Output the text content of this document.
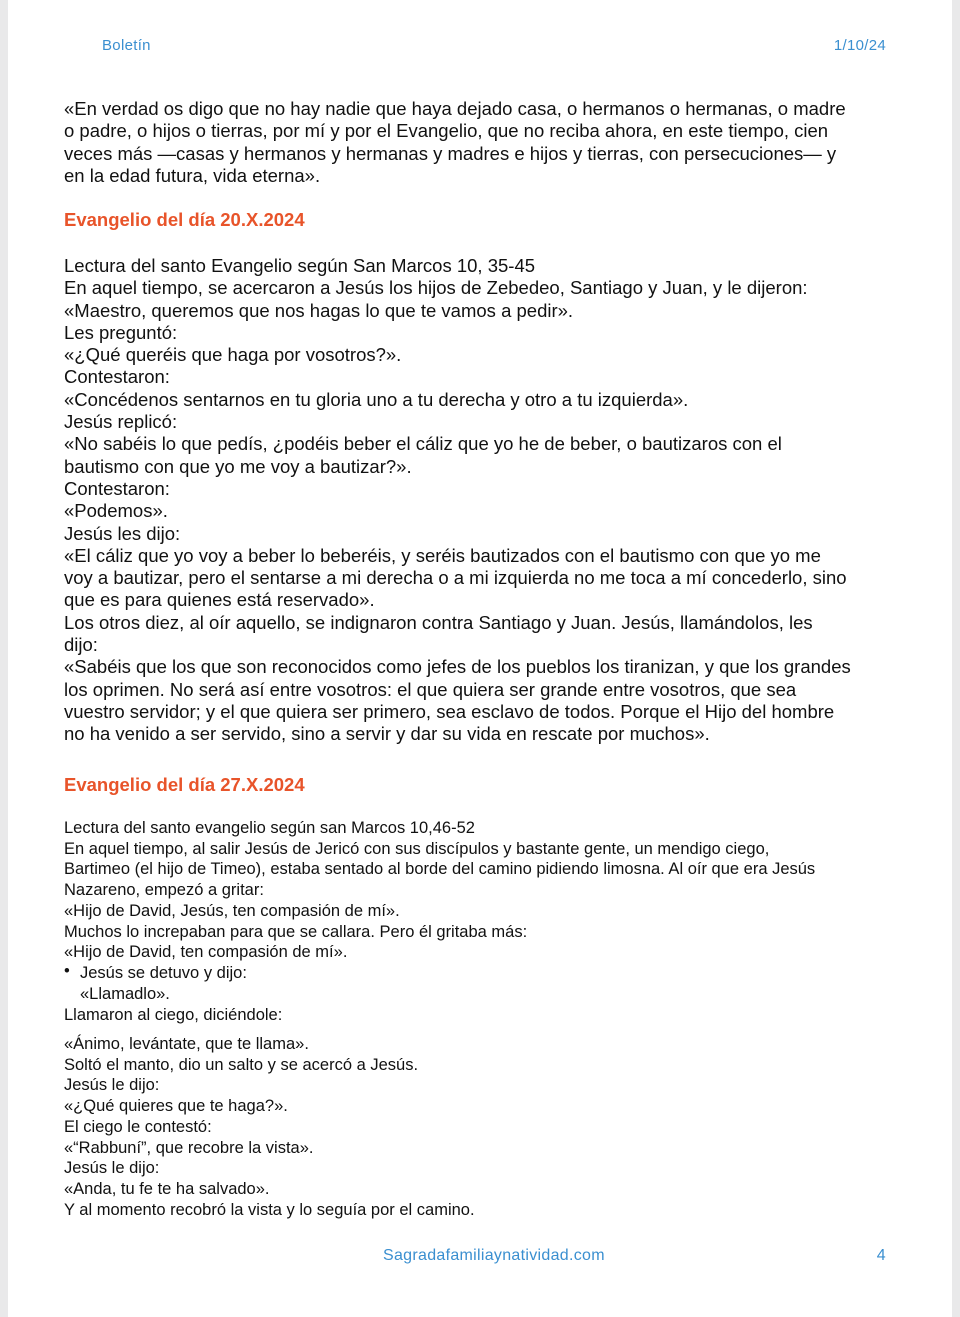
Boletín	1/10/24
«En verdad os digo que no hay nadie que haya dejado casa, o hermanos o hermanas, o madre
o padre, o hijos o tierras, por mí y por el Evangelio, que no reciba ahora, en este tiempo, cien
veces más —casas y hermanos y hermanas y madres e hijos y tierras, con persecuciones— y
en la edad futura, vida eterna».
Evangelio del día 20.X.2024
Lectura del santo Evangelio según San Marcos 10, 35-45
En aquel tiempo, se acercaron a Jesús los hijos de Zebedeo, Santiago y Juan, y le dijeron:
«Maestro, queremos que nos hagas lo que te vamos a pedir».
Les preguntó:
«¿Qué queréis que haga por vosotros?».
Contestaron:
«Concédenos sentarnos en tu gloria uno a tu derecha y otro a tu izquierda».
Jesús replicó:
«No sabéis lo que pedís, ¿podéis beber el cáliz que yo he de beber, o bautizaros con el
bautismo con que yo me voy a bautizar?».
Contestaron:
«Podemos».
Jesús les dijo:
«El cáliz que yo voy a beber lo beberéis, y seréis bautizados con el bautismo con que yo me
voy a bautizar, pero el sentarse a mi derecha o a mi izquierda no me toca a mí concederlo, sino
que es para quienes está reservado».
Los otros diez, al oír aquello, se indignaron contra Santiago y Juan. Jesús, llamándolos, les
dijo:
«Sabéis que los que son reconocidos como jefes de los pueblos los tiranizan, y que los grandes
los oprimen. No será así entre vosotros: el que quiera ser grande entre vosotros, que sea
vuestro servidor; y el que quiera ser primero, sea esclavo de todos. Porque el Hijo del hombre
no ha venido a ser servido, sino a servir y dar su vida en rescate por muchos».
Evangelio del día 27.X.2024
Lectura del santo evangelio según san Marcos 10,46-52
En aquel tiempo, al salir Jesús de Jericó con sus discípulos y bastante gente, un mendigo ciego,
Bartimeo (el hijo de Timeo), estaba sentado al borde del camino pidiendo limosna. Al oír que era Jesús
Nazareno, empezó a gritar:
«Hijo de David, Jesús, ten compasión de mí».
Muchos lo increpaban para que se callara. Pero él gritaba más:
«Hijo de David, ten compasión de mí».
• Jesús se detuvo y dijo:
«Llamadlo».
Llamaron al ciego, diciéndole:
«Ánimo, levántate, que te llama».
Soltó el manto, dio un salto y se acercó a Jesús.
Jesús le dijo:
«¿Qué quieres que te haga?».
El ciego le contestó:
«“Rabbuní”, que recobre la vista».
Jesús le dijo:
«Anda, tu fe te ha salvado».
Y al momento recobró la vista y lo seguía por el camino.
Sagradafamiliaynatividad.com	4
